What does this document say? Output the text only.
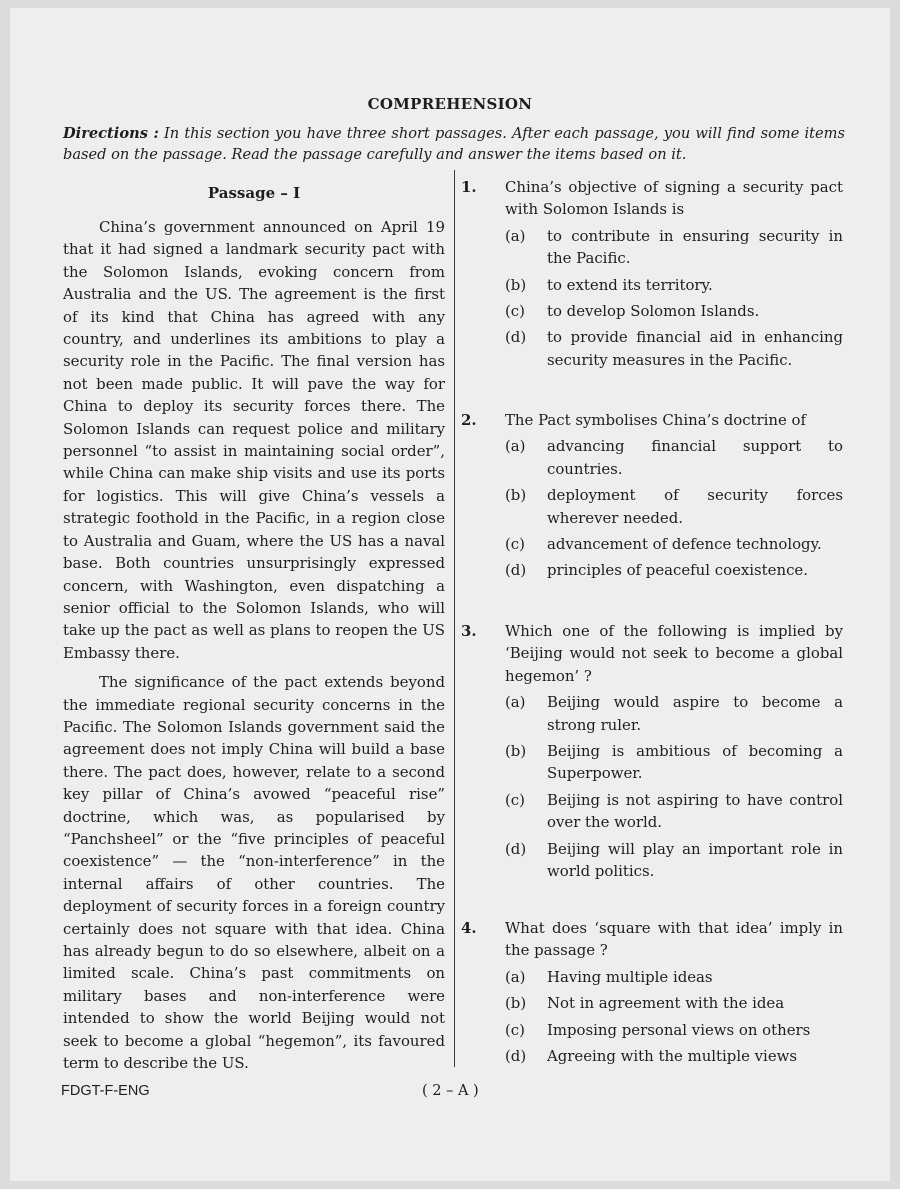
COMPREHENSION
Directions : In this section you have three short passages. After each passage, you will find some items based on the passage. Read the passage carefully and answer the items based on it.
Passage – I

China’s government announced on April 19 that it had signed a landmark security pact with the Solomon Islands, evoking concern from Australia and the US. The agreement is the first of its kind that China has agreed with any country, and underlines its ambitions to play a security role in the Pacific. The final version has not been made public. It will pave the way for China to deploy its security forces there. The Solomon Islands can request police and military personnel “to assist in maintaining social order”, while China can make ship visits and use its ports for logistics. This will give China’s vessels a strategic foothold in the Pacific, in a region close to Australia and Guam, where the US has a naval base. Both countries unsurprisingly expressed concern, with Washington, even dispatching a senior official to the Solomon Islands, who will take up the pact as well as plans to reopen the US Embassy there.

The significance of the pact extends beyond the immediate regional security concerns in the Pacific. The Solomon Islands government said the agreement does not imply China will build a base there. The pact does, however, relate to a second key pillar of China’s avowed “peaceful rise” doctrine, which was, as popularised by “Panchsheel” or the “five principles of peaceful coexistence” — the “non-interference” in the internal affairs of other countries. The deployment of security forces in a foreign country certainly does not square with that idea. China has already begun to do so elsewhere, albeit on a limited scale. China’s past commitments on military bases and non-interference were intended to show the world Beijing would not seek to become a global “hegemon”, its favoured term to describe the US.

1.	China’s objective of signing a security pact with Solomon Islands is
(a)	to contribute in ensuring security in the Pacific.
(b)	to extend its territory.
(c)	to develop Solomon Islands.
(d)	to provide financial aid in enhancing security measures in the Pacific.
2.	The Pact symbolises China’s doctrine of
(a)	advancing financial support to countries.
(b)	deployment of security forces wherever needed.
(c)	advancement of defence technology.
(d)	principles of peaceful coexistence.
3.	Which one of the following is implied by ‘Beijing would not seek to become a global hegemon’ ?
(a)	Beijing would aspire to become a strong ruler.
(b)	Beijing is ambitious of becoming a Superpower.
(c)	Beijing is not aspiring to have control over the world.
(d)	Beijing will play an important role in world politics.
4.	What does ‘square with that idea’ imply in the passage ?
(a)	Having multiple ideas
(b)	Not in agreement with the idea
(c)	Imposing personal views on others
(d)	Agreeing with the multiple views
FDGT-F-ENG	( 2 – A )
